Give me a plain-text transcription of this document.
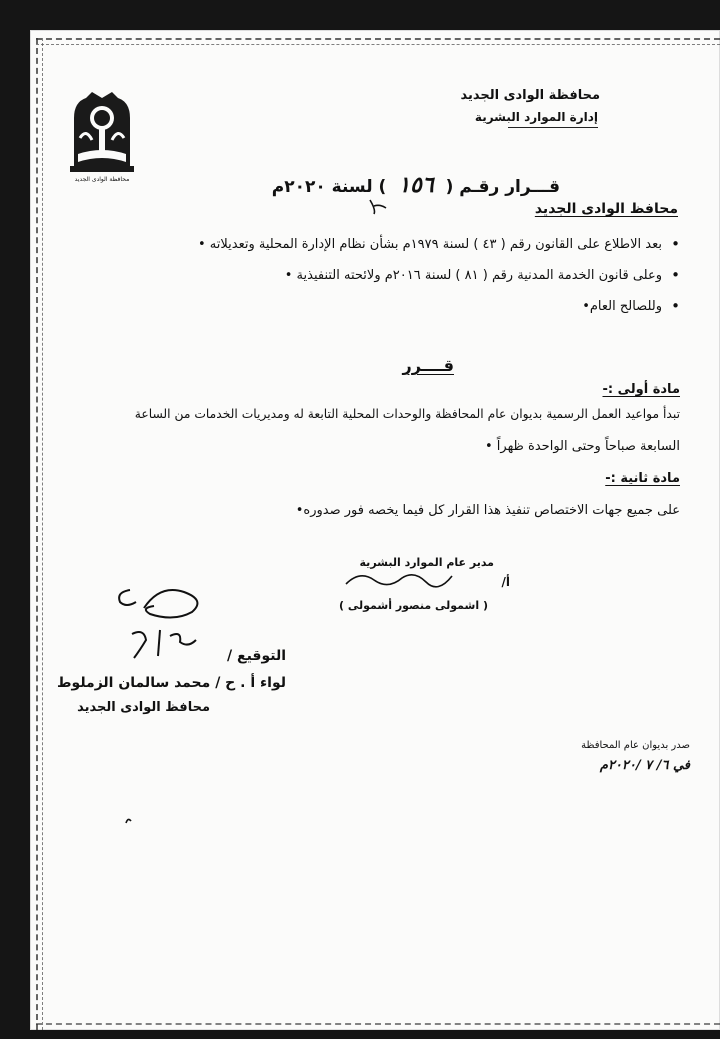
محافظة الوادى الجديد
إدارة الموارد البشرية
محافظة الوادى الجديد	قـــرار رقـم ( ١٥٦ ) لسنة ٢٠٢٠م
محافظ الوادى الجديد
• بعد الاطلاع على القانون رقم ( ٤٣ ) لسنة ١٩٧٩م بشأن نظام الإدارة المحلية وتعديلاته •
• وعلى قانون الخدمة المدنية رقم ( ٨١ ) لسنة ٢٠١٦م ولائحته التنفيذية •
• وللصالح العام•
قــــرر
مادة أولى :-
تبدأ مواعيد العمل الرسمية بديوان عام المحافظة والوحدات المحلية التابعة له ومديريات الخدمات من الساعة
السابعة صباحاً وحتى الواحدة ظهراً •
مادة ثانية :-
على جميع جهات الاختصاص تنفيذ هذا القرار كل فيما يخصه فور صدوره•
مدير عام الموارد البشرية
أ/
( اشمولى منصور أشمولى )
التوقيع /
لواء أ . ح / محمد سالمان الزملوط
محافظ الوادى الجديد
صدر بديوان عام المحافظة
في ٦/ ٧ /٢٠٢٠م
